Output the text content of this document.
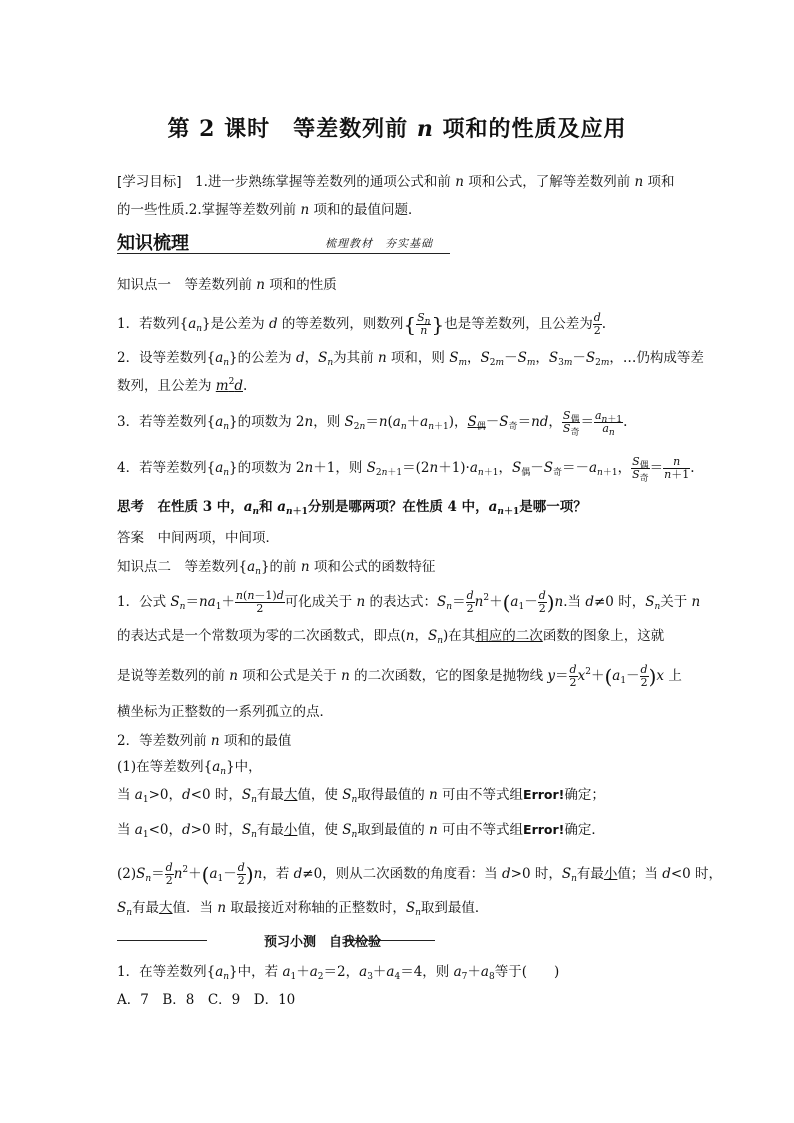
第 2 课时　等差数列前 n 项和的性质及应用
[学习目标]　1.进一步熟练掌握等差数列的通项公式和前 n 项和公式，了解等差数列前 n 项和
的一些性质.2.掌握等差数列前 n 项和的最值问题．
知识梳理	梳理教材　夯实基础
知识点一　等差数列前 n 项和的性质
1．若数列$\{a_n\}$是公差为 d 的等差数列，则数列{ $\frac{S_n}{n}$ }也是等差数列，且公差为 $\frac{d}{2}$ .
2．设等差数列$\{a_n\}$的公差为 d，$S_n$为其前 n 项和，则 $S_m$，$S_{2m}-S_m$，$S_{3m}-S_{2m}$，…仍构成等差
数列，且公差为 $m^2d$.
3．若等差数列$\{a_n\}$的项数为 2n，则 $S_{2n}=n(a_n+a_{n+1})$，$S_偶-S_奇=nd$， $\frac{S_偶}{S_奇} = \frac{a_{n+1}}{a_n}$ .
4．若等差数列$\{a_n\}$的项数为 2n＋1，则 $S_{2n+1}=(2n+1)\cdot a_{n+1}$，$S_偶-S_奇=-a_{n+1}$， $\frac{S_偶}{S_奇} = \frac{n}{n+1}$ .
思考　在性质 3 中，$a_n$和 $a_{n+1}$分别是哪两项？在性质 4 中，$a_{n+1}$是哪一项？
答案　中间两项，中间项．
知识点二　等差数列$\{a_n\}$的前 n 项和公式的函数特征
1．公式 $S_n=na_1+ \frac{n(n-1)d}{2}$ 可化成关于 n 的表达式：$S_n= \frac{d}{2} n^2+(a_1- \frac{d}{2} )n$.当 d≠0 时，$S_n$关于 n
的表达式是一个常数项为零的二次函数式，即点(n，$S_n$)在其相应的二次函数的图象上，这就
是说等差数列的前 n 项和公式是关于 n 的二次函数，它的图象是抛物线 $y= \frac{d}{2} x^2+(a_1- \frac{d}{2} )x$ 上
横坐标为正整数的一系列孤立的点．
2．等差数列前 n 项和的最值
(1)在等差数列$\{a_n\}$中，
当 $a_1>0$，d<0 时，$S_n$有最大值，使 $S_n$取得最值的 n 可由不等式组Error!确定；
当 $a_1<0$，d>0 时，$S_n$有最小值，使 $S_n$取到最值的 n 可由不等式组Error!确定．
$(2)S_n= \frac{d}{2} n^2+(a_1- \frac{d}{2} )n$，若 d≠0，则从二次函数的角度看：当 d>0 时，$S_n$有最小值；当 d<0 时，
$S_n$有最大值．当 n 取最接近对称轴的正整数时，$S_n$取到最值．
预习小测　自我检验
1．在等差数列$\{a_n\}$中，若 $a_1+a_2=2$，$a_3+a_4=4$，则 $a_7+a_8$等于(　　)
A．7　B．8　C．9　D．10
